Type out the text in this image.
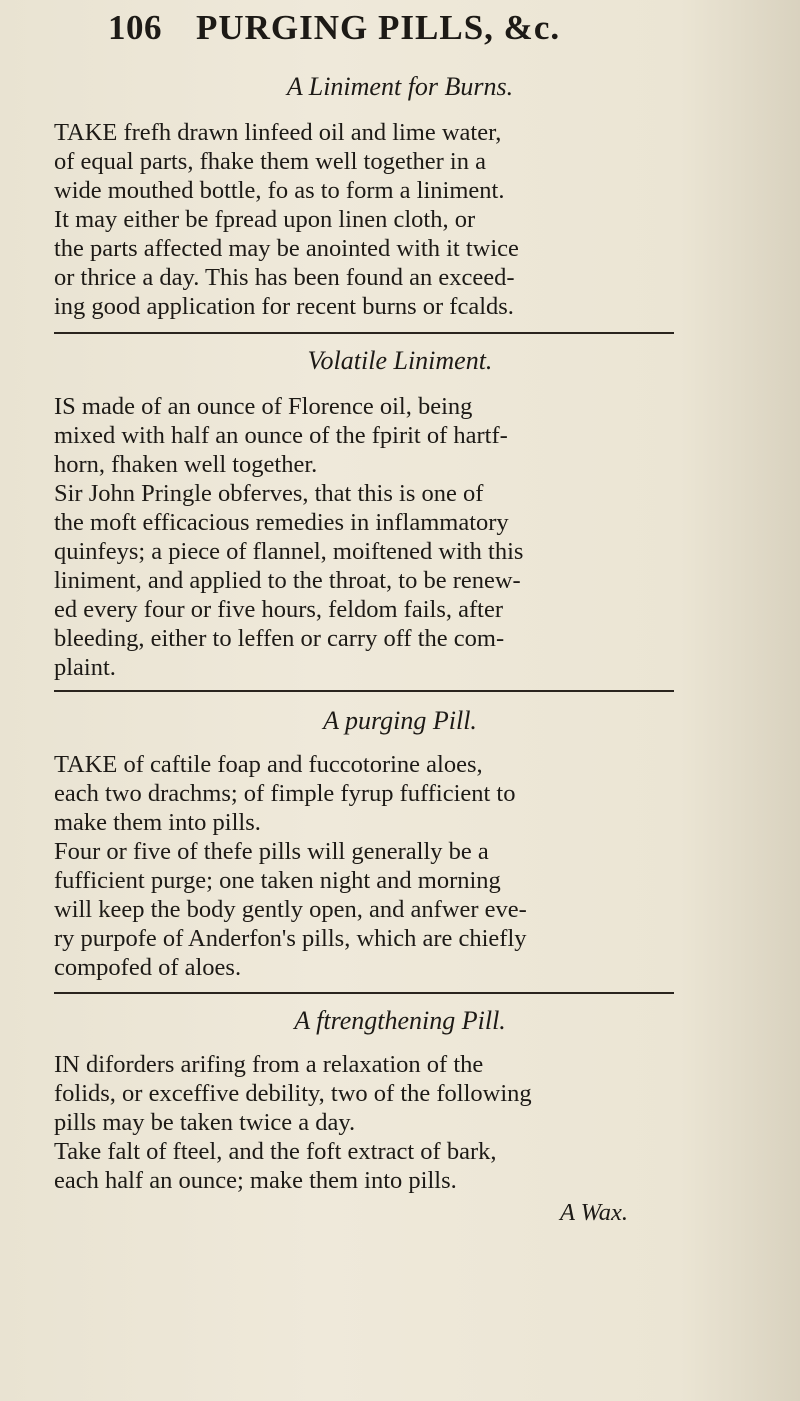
106 PURGING PILLS, &c.
A Liniment for Burns.
TAKE frefh drawn linfeed oil and lime water,
of equal parts, fhake them well together in a
wide mouthed bottle, fo as to form a liniment.
It may either be fpread upon linen cloth, or
the parts affected may be anointed with it twice
or thrice a day. This has been found an exceed-
ing good application for recent burns or fcalds.
Volatile Liniment.
IS made of an ounce of Florence oil, being
mixed with half an ounce of the fpirit of hartf-
horn, fhaken well together.
Sir John Pringle obferves, that this is one of
the moft efficacious remedies in inflammatory
quinfeys; a piece of flannel, moiftened with this
liniment, and applied to the throat, to be renew-
ed every four or five hours, feldom fails, after
bleeding, either to leffen or carry off the com-
plaint.
A purging Pill.
TAKE of caftile foap and fuccotorine aloes,
each two drachms; of fimple fyrup fufficient to
make them into pills.
Four or five of thefe pills will generally be a
fufficient purge; one taken night and morning
will keep the body gently open, and anfwer eve-
ry purpofe of Anderfon's pills, which are chiefly
compofed of aloes.
A ftrengthening Pill.
IN diforders arifing from a relaxation of the
folids, or exceffive debility, two of the following
pills may be taken twice a day.
Take falt of fteel, and the foft extract of bark,
each half an ounce; make them into pills.
A Wax.
